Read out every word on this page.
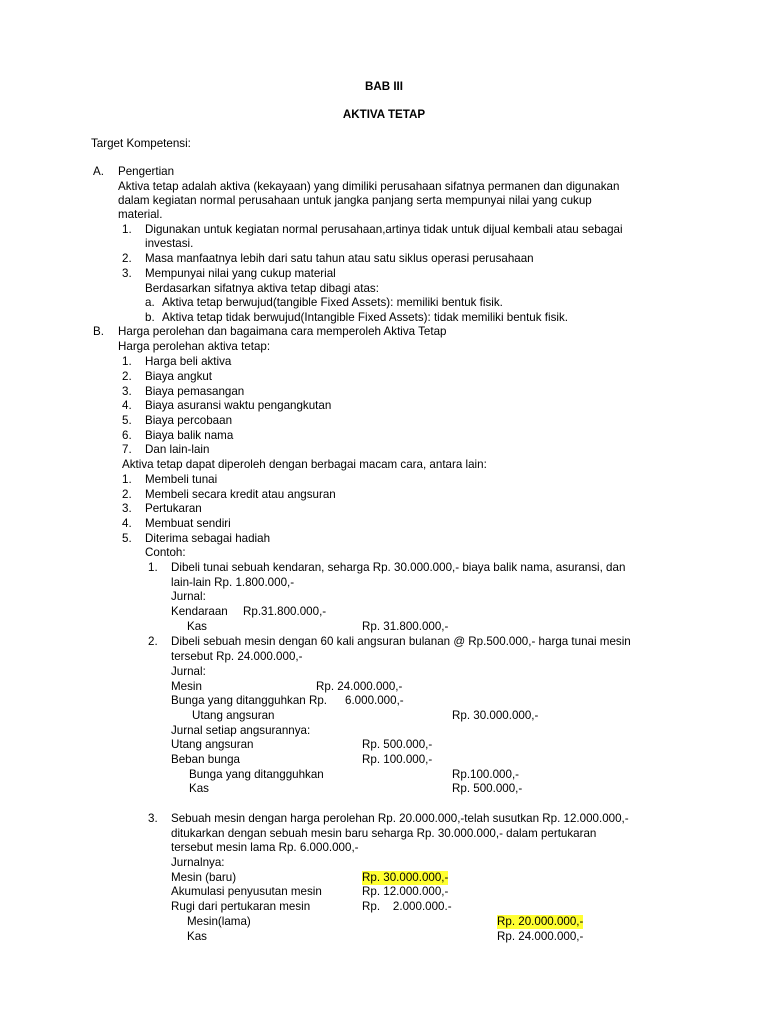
BAB III
AKTIVA TETAP
Target Kompetensi:
A. Pengertian
Aktiva tetap adalah aktiva (kekayaan) yang dimiliki perusahaan sifatnya permanen dan digunakan
dalam kegiatan normal perusahaan untuk jangka panjang serta mempunyai nilai yang cukup
material.
1. Digunakan untuk kegiatan normal perusahaan,artinya tidak untuk dijual kembali atau sebagai
investasi.
2. Masa manfaatnya lebih dari satu tahun atau satu siklus operasi perusahaan
3. Mempunyai nilai yang cukup material
Berdasarkan sifatnya aktiva tetap dibagi atas:
a. Aktiva tetap berwujud(tangible Fixed Assets): memiliki bentuk fisik.
b. Aktiva tetap tidak berwujud(Intangible Fixed Assets): tidak memiliki bentuk fisik.
B. Harga perolehan dan bagaimana cara memperoleh Aktiva Tetap
Harga perolehan aktiva tetap:
1. Harga beli aktiva
2. Biaya angkut
3. Biaya pemasangan
4. Biaya asuransi waktu pengangkutan
5. Biaya percobaan
6. Biaya balik nama
7. Dan lain-lain
Aktiva tetap dapat diperoleh dengan berbagai macam cara, antara lain:
1. Membeli tunai
2. Membeli secara kredit atau angsuran
3. Pertukaran
4. Membuat sendiri
5. Diterima sebagai hadiah
Contoh:
1. Dibeli tunai sebuah kendaran, seharga Rp. 30.000.000,- biaya balik nama, asuransi, dan
lain-lain Rp. 1.800.000,-
Jurnal:
Kendaraan Rp.31.800.000,-
Kas	Rp. 31.800.000,-
2. Dibeli sebuah mesin dengan 60 kali angsuran bulanan @ Rp.500.000,- harga tunai mesin
tersebut Rp. 24.000.000,-
Jurnal:
Mesin	Rp. 24.000.000,-
Bunga yang ditangguhkan Rp. 6.000.000,-
Utang angsuran	Rp. 30.000.000,-
Jurnal setiap angsurannya:
Utang angsuran	Rp. 500.000,-
Beban bunga	Rp. 100.000,-
Bunga yang ditangguhkan	Rp.100.000,-
Kas	Rp. 500.000,-
3. Sebuah mesin dengan harga perolehan Rp. 20.000.000,-telah susutkan Rp. 12.000.000,-
ditukarkan dengan sebuah mesin baru seharga Rp. 30.000.000,- dalam pertukaran
tersebut mesin lama Rp. 6.000.000,-
Jurnalnya:
Mesin (baru)	Rp. 30.000.000,-
Akumulasi penyusutan mesin	Rp. 12.000.000,-
Rugi dari pertukaran mesin	Rp.    2.000.000.-
Mesin(lama)	Rp. 20.000.000,-
Kas	Rp. 24.000.000,-
